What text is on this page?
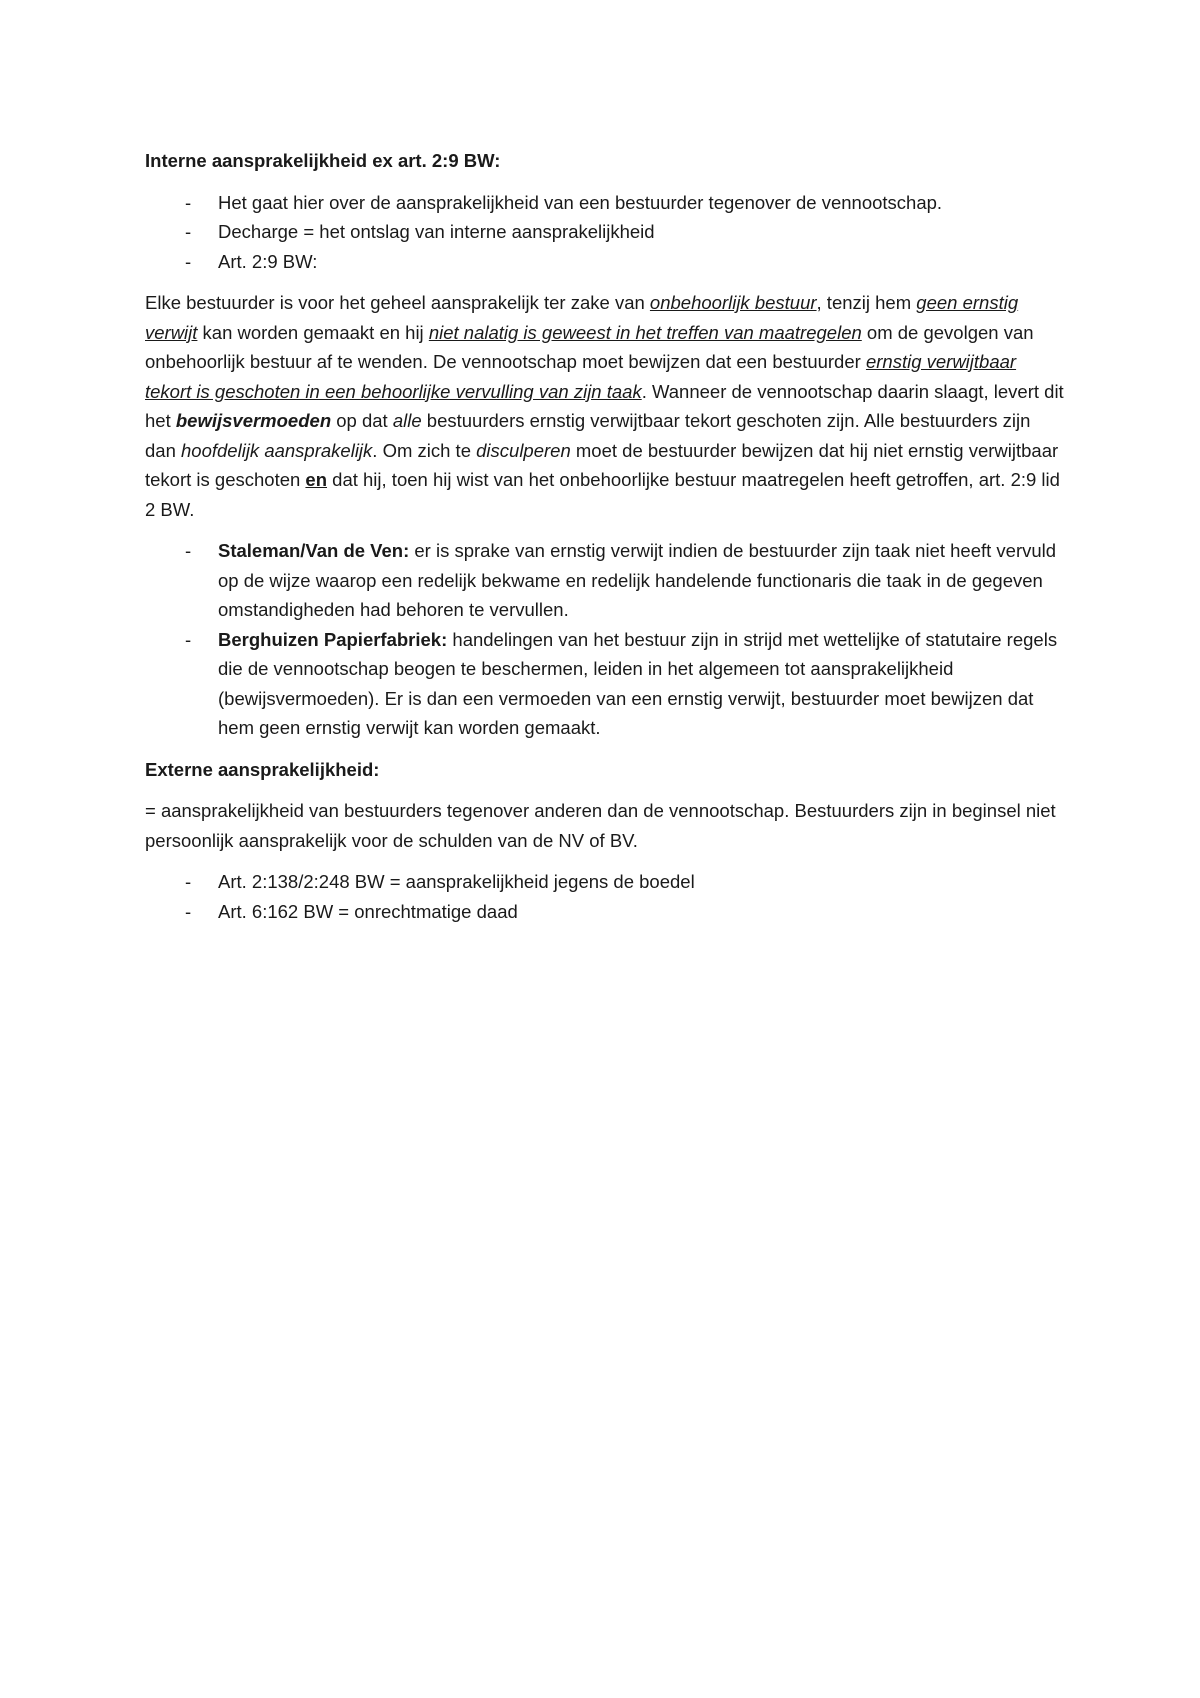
Interne aansprakelijkheid ex art. 2:9 BW:
- Het gaat hier over de aansprakelijkheid van een bestuurder tegenover de vennootschap.
- Decharge = het ontslag van interne aansprakelijkheid
- Art. 2:9 BW:

Elke bestuurder is voor het geheel aansprakelijk ter zake van onbehoorlijk bestuur, tenzij hem geen ernstig verwijt kan worden gemaakt en hij niet nalatig is geweest in het treffen van maatregelen om de gevolgen van onbehoorlijk bestuur af te wenden. De vennootschap moet bewijzen dat een bestuurder ernstig verwijtbaar tekort is geschoten in een behoorlijke vervulling van zijn taak. Wanneer de vennootschap daarin slaagt, levert dit het bewijsvermoeden op dat alle bestuurders ernstig verwijtbaar tekort geschoten zijn. Alle bestuurders zijn dan hoofdelijk aansprakelijk. Om zich te disculperen moet de bestuurder bewijzen dat hij niet ernstig verwijtbaar tekort is geschoten en dat hij, toen hij wist van het onbehoorlijke bestuur maatregelen heeft getroffen, art. 2:9 lid 2 BW.

- Staleman/Van de Ven: er is sprake van ernstig verwijt indien de bestuurder zijn taak niet heeft vervuld op de wijze waarop een redelijk bekwame en redelijk handelende functionaris die taak in de gegeven omstandigheden had behoren te vervullen.
- Berghuizen Papierfabriek: handelingen van het bestuur zijn in strijd met wettelijke of statutaire regels die de vennootschap beogen te beschermen, leiden in het algemeen tot aansprakelijkheid (bewijsvermoeden). Er is dan een vermoeden van een ernstig verwijt, bestuurder moet bewijzen dat hem geen ernstig verwijt kan worden gemaakt.
Externe aansprakelijkheid:

= aansprakelijkheid van bestuurders tegenover anderen dan de vennootschap. Bestuurders zijn in beginsel niet persoonlijk aansprakelijk voor de schulden van de NV of BV.

- Art. 2:138/2:248 BW = aansprakelijkheid jegens de boedel
- Art. 6:162 BW = onrechtmatige daad
